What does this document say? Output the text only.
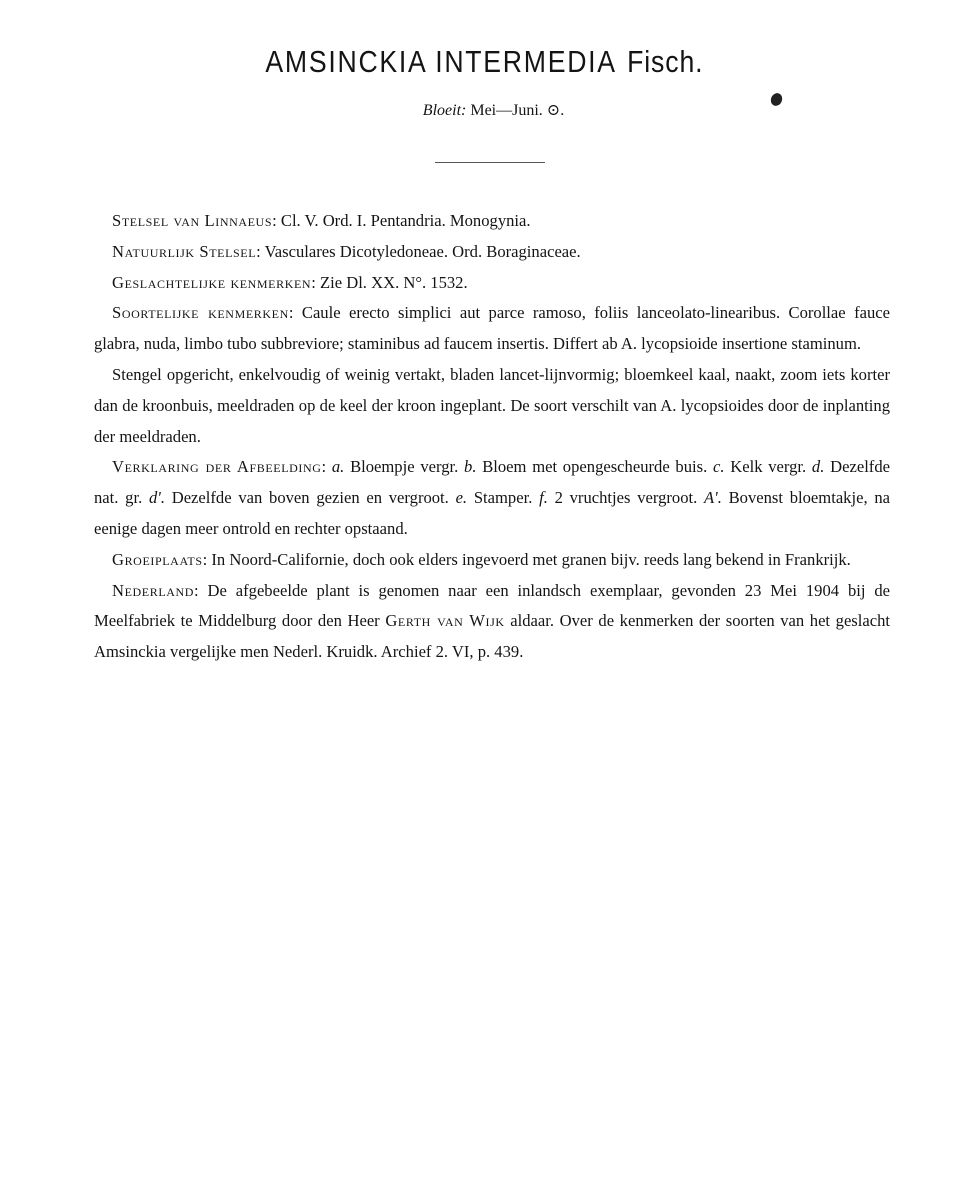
AMSINCKIA INTERMEDIA Fisch.
Bloeit: Mei—Juni. ⊙.

Stelsel van Linnaeus: Cl. V. Ord. I. Pentandria. Monogynia.

Natuurlijk Stelsel: Vasculares Dicotyledoneae. Ord. Boraginaceae.

Geslachtelijke kenmerken: Zie Dl. XX. N°. 1532.

Soortelijke kenmerken: Caule erecto simplici aut parce ramoso, foliis lanceolato-linearibus. Corollae fauce glabra, nuda, limbo tubo subbreviore; staminibus ad faucem insertis. Differt ab A. lycopsioide insertione staminum.

Stengel opgericht, enkelvoudig of weinig vertakt, bladen lancet-lijnvormig; bloemkeel kaal, naakt, zoom iets korter dan de kroonbuis, meeldraden op de keel der kroon ingeplant. De soort verschilt van A. lycopsioides door de inplanting der meeldraden.

Verklaring der Afbeelding: a. Bloempje vergr. b. Bloem met opengescheurde buis. c. Kelk vergr. d. Dezelfde nat. gr. d'. Dezelfde van boven gezien en vergroot. e. Stamper. f. 2 vruchtjes vergroot. A'. Bovenst bloemtakje, na eenige dagen meer ontrold en rechter opstaand.

Groeiplaats: In Noord-Californie, doch ook elders ingevoerd met granen bijv. reeds lang bekend in Frankrijk.

Nederland: De afgebeelde plant is genomen naar een inlandsch exemplaar, gevonden 23 Mei 1904 bij de Meelfabriek te Middelburg door den Heer Gerth van Wijk aldaar. Over de kenmerken der soorten van het geslacht Amsinckia vergelijke men Nederl. Kruidk. Archief 2. VI, p. 439.
